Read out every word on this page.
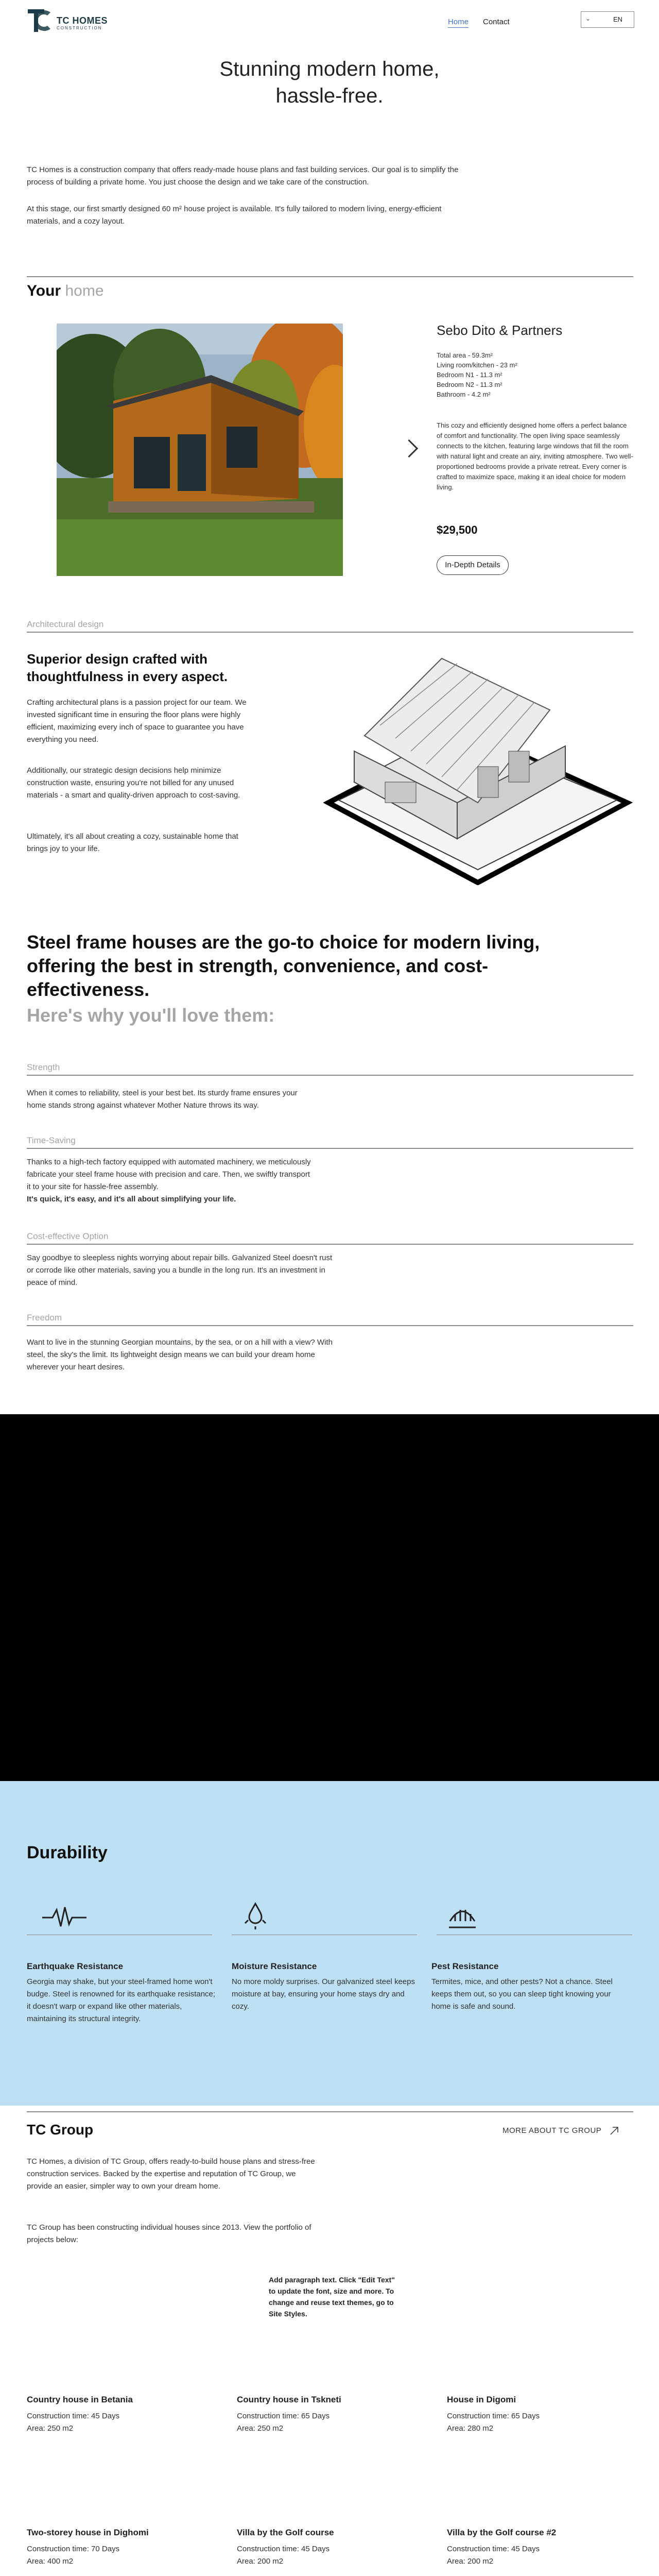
TC HOMES
CONSTRUCTION
Home Contact	⌄	EN
Stunning modern home,
hassle-free.
TC Homes is a construction company that offers ready-made house plans and fast building services. Our goal is to simplify the process of building a private home. You just choose the design and we take care of the construction.
At this stage, our first smartly designed 60 m² house project is available. It's fully tailored to modern living, energy-efficient materials, and a cozy layout.
Your home
Sebo Dito & Partners
Total area - 59.3m²
Living room/kitchen - 23 m²
Bedroom N1 - 11.3 m²
Bedroom N2 - 11.3 m²
Bathroom - 4.2 m²
This cozy and efficiently designed home offers a perfect balance of comfort and functionality. The open living space seamlessly connects to the kitchen, featuring large windows that fill the room with natural light and create an airy, inviting atmosphere. Two well-proportioned bedrooms provide a private retreat. Every corner is crafted to maximize space, making it an ideal choice for modern living.
$29,500
In-Depth Details
Architectural design
Superior design crafted with thoughtfulness in every aspect.
Crafting architectural plans is a passion project for our team. We invested significant time in ensuring the floor plans were highly efficient, maximizing every inch of space to guarantee you have everything you need.
Additionally, our strategic design decisions help minimize construction waste, ensuring you're not billed for any unused materials - a smart and quality-driven approach to cost-saving.
Ultimately, it's all about creating a cozy, sustainable home that brings joy to your life.
Steel frame houses are the go-to choice for modern living, offering the best in strength, convenience, and cost-effectiveness.
Here's why you'll love them:
Strength
When it comes to reliability, steel is your best bet. Its sturdy frame ensures your home stands strong against whatever Mother Nature throws its way.
Time-Saving
Thanks to a high-tech factory equipped with automated machinery, we meticulously fabricate your steel frame house with precision and care. Then, we swiftly transport it to your site for hassle-free assembly.
It's quick, it's easy, and it's all about simplifying your life.
Cost-effective Option
Say goodbye to sleepless nights worrying about repair bills. Galvanized Steel doesn't rust or corrode like other materials, saving you a bundle in the long run. It's an investment in peace of mind.
Freedom
Want to live in the stunning Georgian mountains, by the sea, or on a hill with a view? With steel, the sky's the limit. Its lightweight design means we can build your dream home wherever your heart desires.
Durability
Earthquake Resistance
Georgia may shake, but your steel-framed home won't budge. Steel is renowned for its earthquake resistance; it doesn't warp or expand like other materials, maintaining its structural integrity.
Moisture Resistance
No more moldy surprises. Our galvanized steel keeps moisture at bay, ensuring your home stays dry and cozy.
Pest Resistance
Termites, mice, and other pests? Not a chance. Steel keeps them out, so you can sleep tight knowing your home is safe and sound.
TC Group	MORE ABOUT TC GROUP
TC Homes, a division of TC Group, offers ready-to-build house plans and stress-free construction services. Backed by the expertise and reputation of TC Group, we provide an easier, simpler way to own your dream home.
TC Group has been constructing individual houses since 2013. View the portfolio of projects below:
Add paragraph text. Click "Edit Text" to update the font, size and more. To change and reuse text themes, go to Site Styles.
Country house in Betania
Construction time: 45 Days
Area: 250 m2
Country house in Tskneti
Construction time: 65 Days
Area: 250 m2
House in Digomi
Construction time: 65 Days
Area: 280 m2
Two-storey house in Dighomi
Construction time: 70 Days
Area: 400 m2
Villa by the Golf course
Construction time: 45 Days
Area: 200 m2
Villa by the Golf course #2
Construction time: 45 Days
Area: 200 m2
